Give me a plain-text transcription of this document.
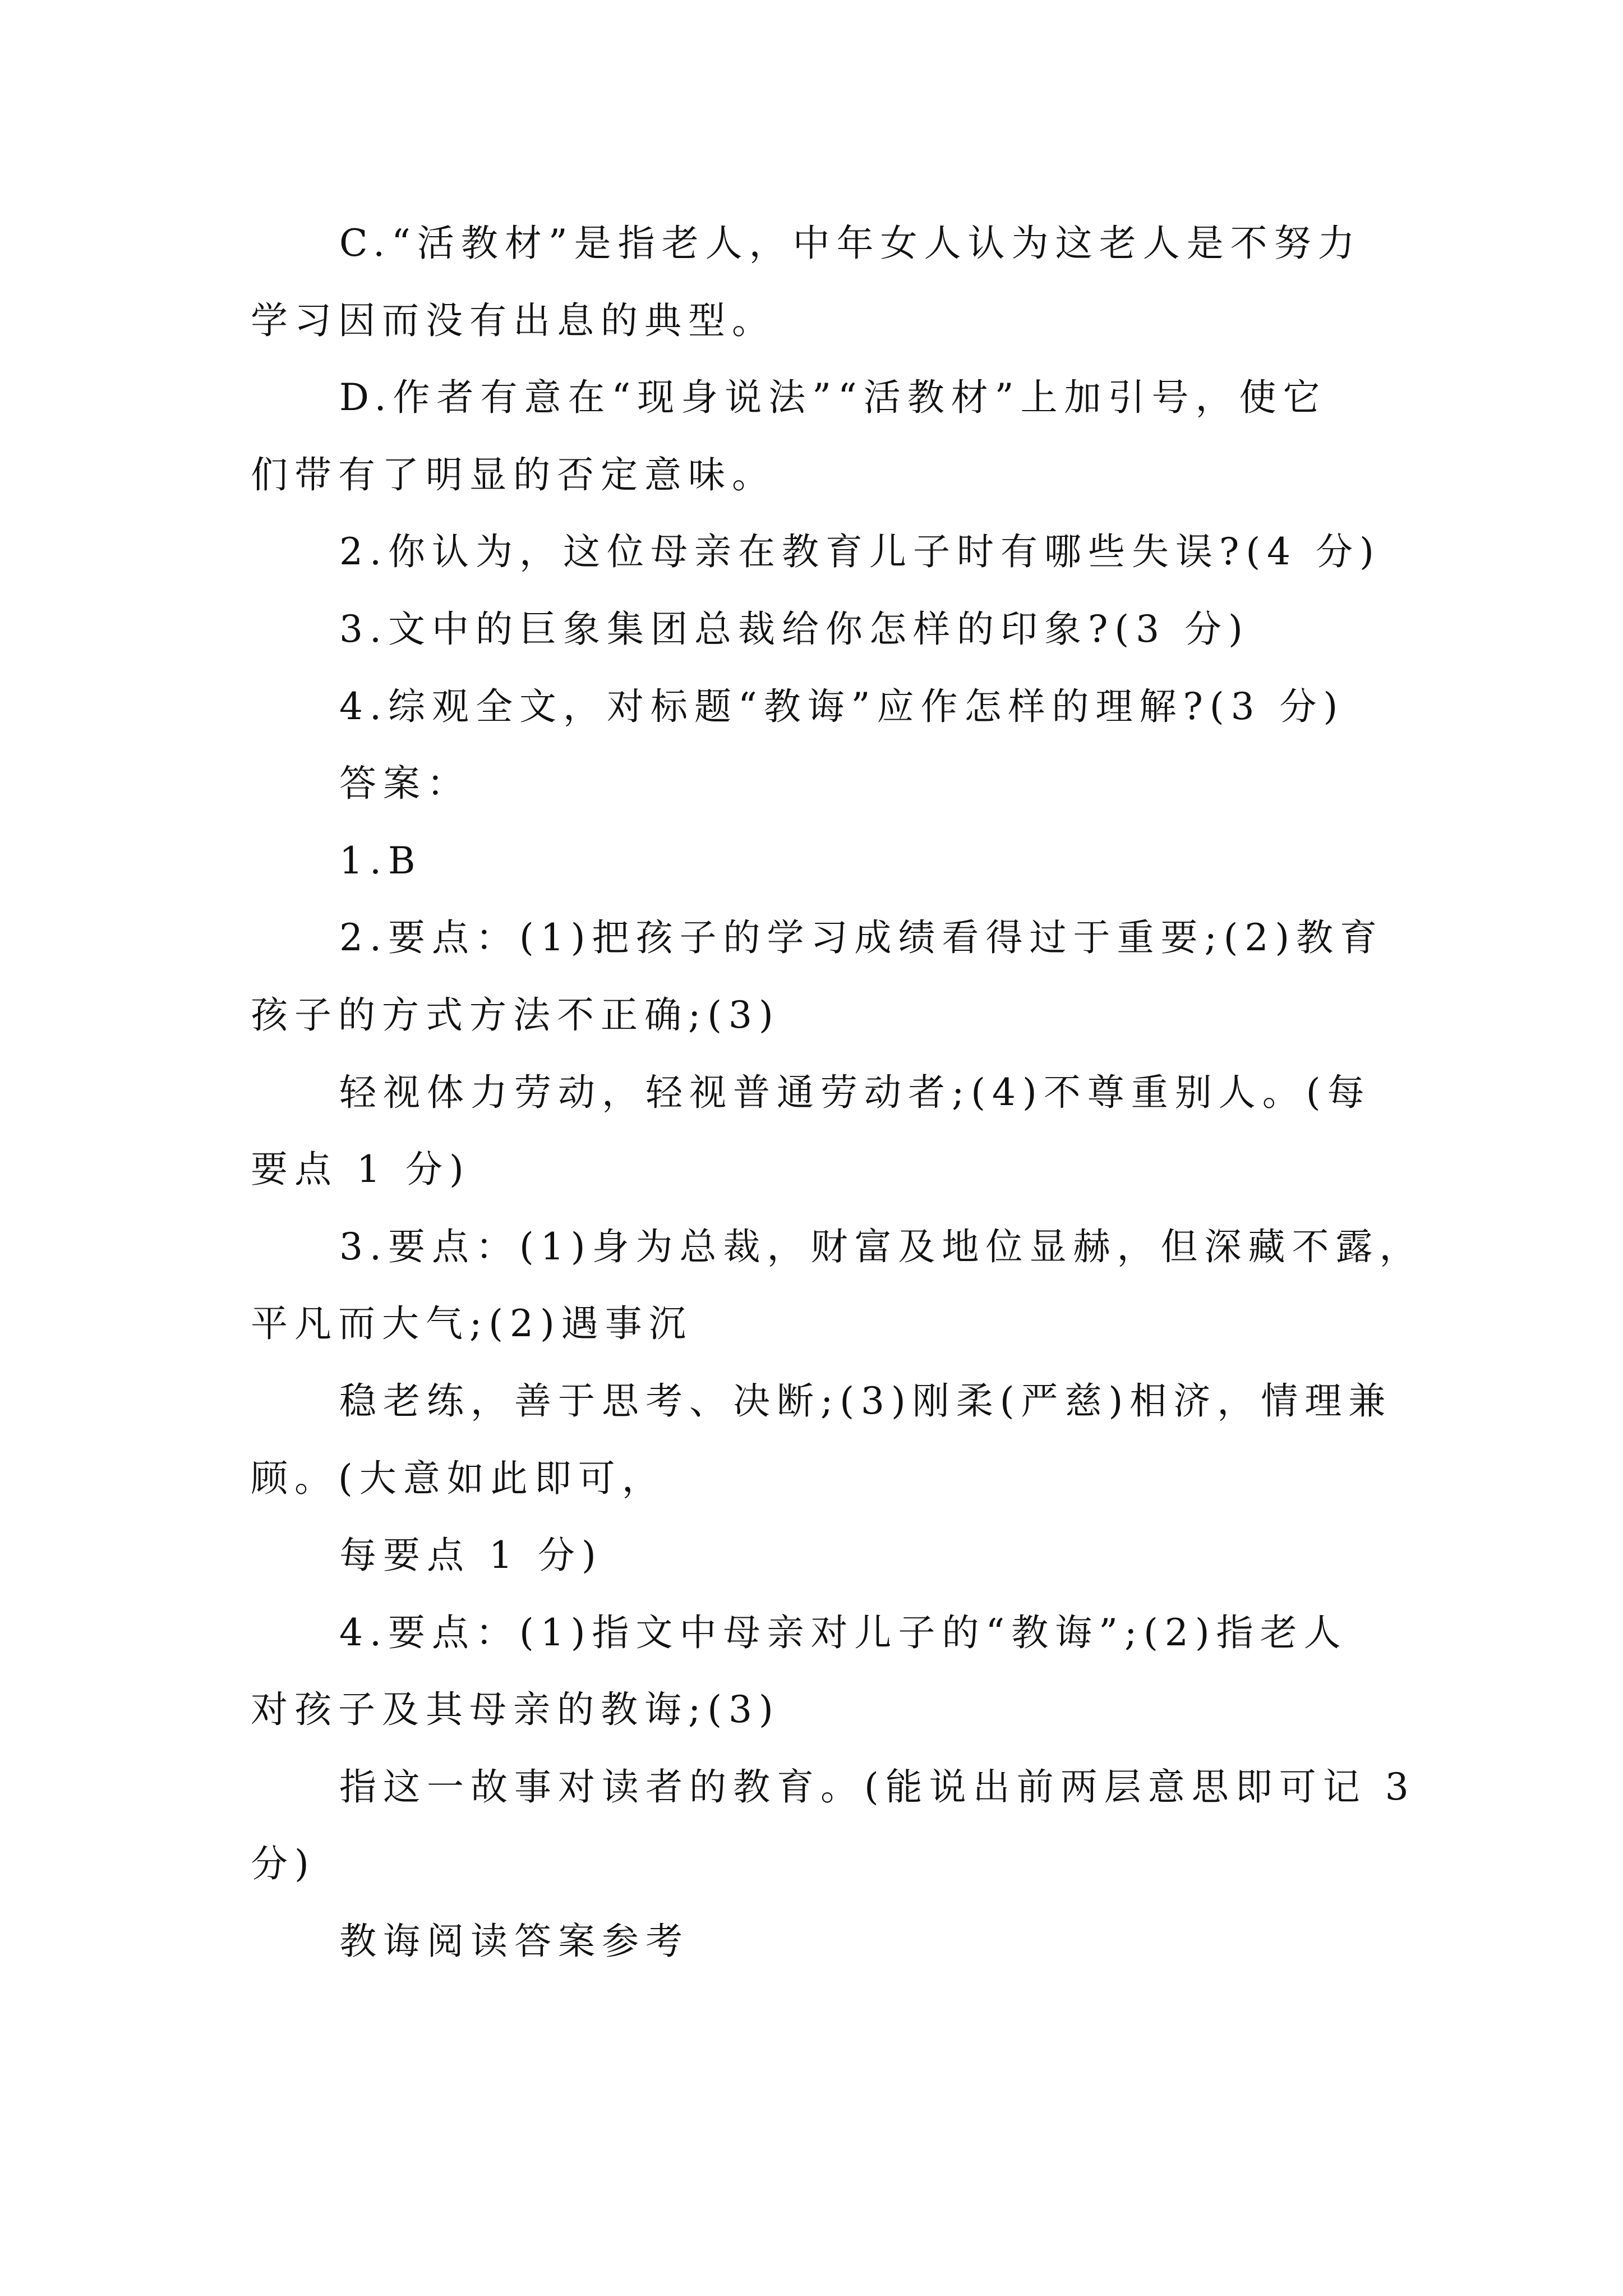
C.“活教材”是指老人，中年女人认为这老人是不努力
学习因而没有出息的典型。
D.作者有意在“现身说法”“活教材”上加引号，使它
们带有了明显的否定意味。
2.你认为，这位母亲在教育儿子时有哪些失误?(4 分)
3.文中的巨象集团总裁给你怎样的印象?(3 分)
4.综观全文，对标题“教诲”应作怎样的理解?(3 分)
答案：
1.B
2.要点：(1)把孩子的学习成绩看得过于重要;(2)教育
孩子的方式方法不正确;(3)
轻视体力劳动，轻视普通劳动者;(4)不尊重别人。(每
要点 1 分)
3.要点：(1)身为总裁，财富及地位显赫，但深藏不露，
平凡而大气;(2)遇事沉
稳老练，善于思考、决断;(3)刚柔(严慈)相济，情理兼
顾。(大意如此即可，
每要点 1 分)
4.要点：(1)指文中母亲对儿子的“教诲”;(2)指老人
对孩子及其母亲的教诲;(3)
指这一故事对读者的教育。(能说出前两层意思即可记 3
分)
教诲阅读答案参考
